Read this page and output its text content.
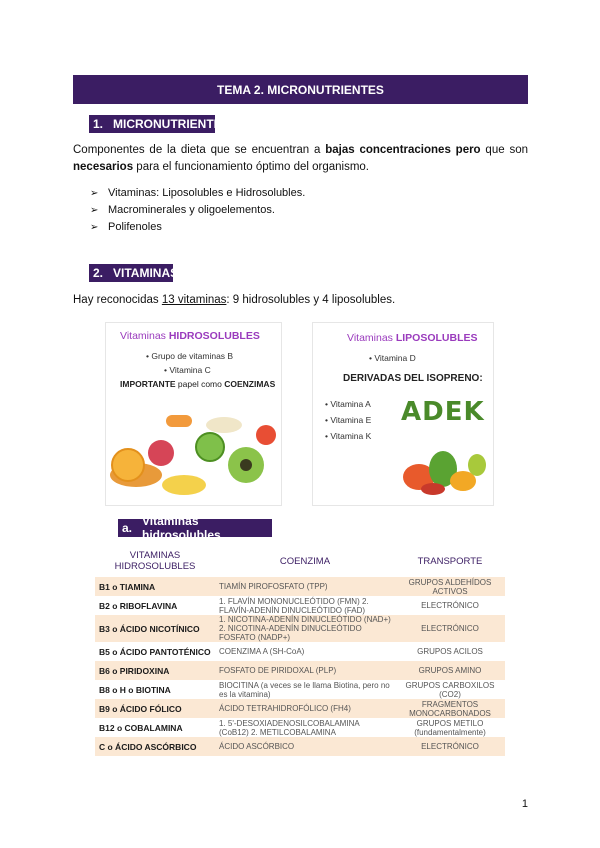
TEMA 2. MICRONUTRIENTES
1. MICRONUTRIENTES
Componentes de la dieta que se encuentran a bajas concentraciones pero que son
necesarios para el funcionamiento óptimo del organismo.
➢ Vitaminas: Liposolubles e Hidrosolubles.
➢ Macrominerales y oligoelementos.
➢ Polifenoles
2. VITAMINAS
Hay reconocidas 13 vitaminas: 9 hidrosolubles y 4 liposolubles.
Vitaminas HIDROSOLUBLES
• Grupo de vitaminas B
• Vitamina C
IMPORTANTE papel como COENZIMAS
Vitaminas LIPOSOLUBLES
• Vitamina D
DERIVADAS DEL ISOPRENO:
• Vitamina A
• Vitamina E
• Vitamina K
ADEK
a. Vitaminas hidrosolubles
VITAMINAS HIDROSOLUBLES	COENZIMA	TRANSPORTE
B1 o TIAMINA	TIAMÍN PIROFOSFATO (TPP)	GRUPOS ALDEHÍDOS ACTIVOS
B2 o RIBOFLAVINA	1. FLAVÍN MONONUCLEÓTIDO (FMN) 2. FLAVÍN-ADENÍN DINUCLEÓTIDO (FAD)	ELECTRÓNICO
B3 o ÁCIDO NICOTÍNICO	1. NICOTINA-ADENÍN DINUCLEÓTIDO (NAD+) 2. NICOTINA-ADENÍN DINUCLEÓTIDO FOSFATO (NADP+)	ELECTRÓNICO
B5 o ÁCIDO PANTOTÉNICO	COENZIMA A (SH-CoA)	GRUPOS ACILOS
B6 o PIRIDOXINA	FOSFATO DE PIRIDOXAL (PLP)	GRUPOS AMINO
B8 o H o BIOTINA	BIOCITINA (a veces se le llama Biotina, pero no es la vitamina)	GRUPOS CARBOXILOS (CO2)
B9 o ÁCIDO FÓLICO	ÁCIDO TETRAHIDROFÓLICO (FH4)	FRAGMENTOS MONOCARBONADOS
B12 o COBALAMINA	1. 5'-DESOXIADENOSILCOBALAMINA (CoB12) 2. METILCOBALAMINA	GRUPOS METILO (fundamentalmente)
C o ÁCIDO ASCÓRBICO	ÁCIDO ASCÓRBICO	ELECTRÓNICO
1
